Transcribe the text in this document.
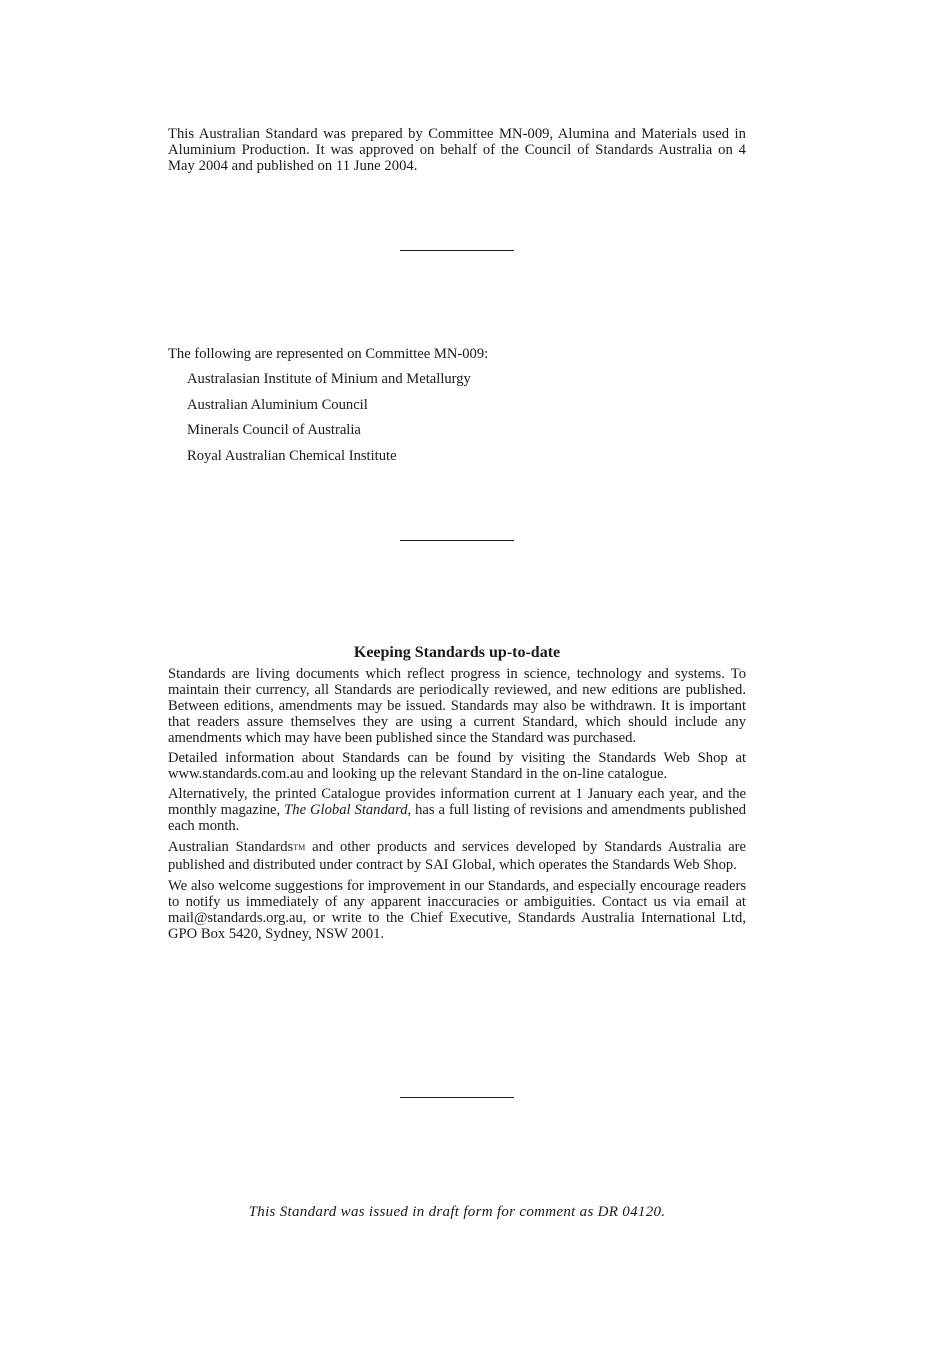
This Australian Standard was prepared by Committee MN-009, Alumina and Materials used in Aluminium Production. It was approved on behalf of the Council of Standards Australia on 4 May 2004 and published on 11 June 2004.

The following are represented on Committee MN-009:

Australasian Institute of Minium and Metallurgy
Australian Aluminium Council
Minerals Council of Australia
Royal Australian Chemical Institute
Keeping Standards up-to-date

Standards are living documents which reflect progress in science, technology and systems. To maintain their currency, all Standards are periodically reviewed, and new editions are published. Between editions, amendments may be issued. Standards may also be withdrawn. It is important that readers assure themselves they are using a current Standard, which should include any amendments which may have been published since the Standard was purchased.

Detailed information about Standards can be found by visiting the Standards Web Shop at www.standards.com.au and looking up the relevant Standard in the on-line catalogue.

Alternatively, the printed Catalogue provides information current at 1 January each year, and the monthly magazine, The Global Standard, has a full listing of revisions and amendments published each month.

Australian Standards™ and other products and services developed by Standards Australia are published and distributed under contract by SAI Global, which operates the Standards Web Shop.

We also welcome suggestions for improvement in our Standards, and especially encourage readers to notify us immediately of any apparent inaccuracies or ambiguities. Contact us via email at mail@standards.org.au, or write to the Chief Executive, Standards Australia International Ltd, GPO Box 5420, Sydney, NSW 2001.

This Standard was issued in draft form for comment as DR 04120.
